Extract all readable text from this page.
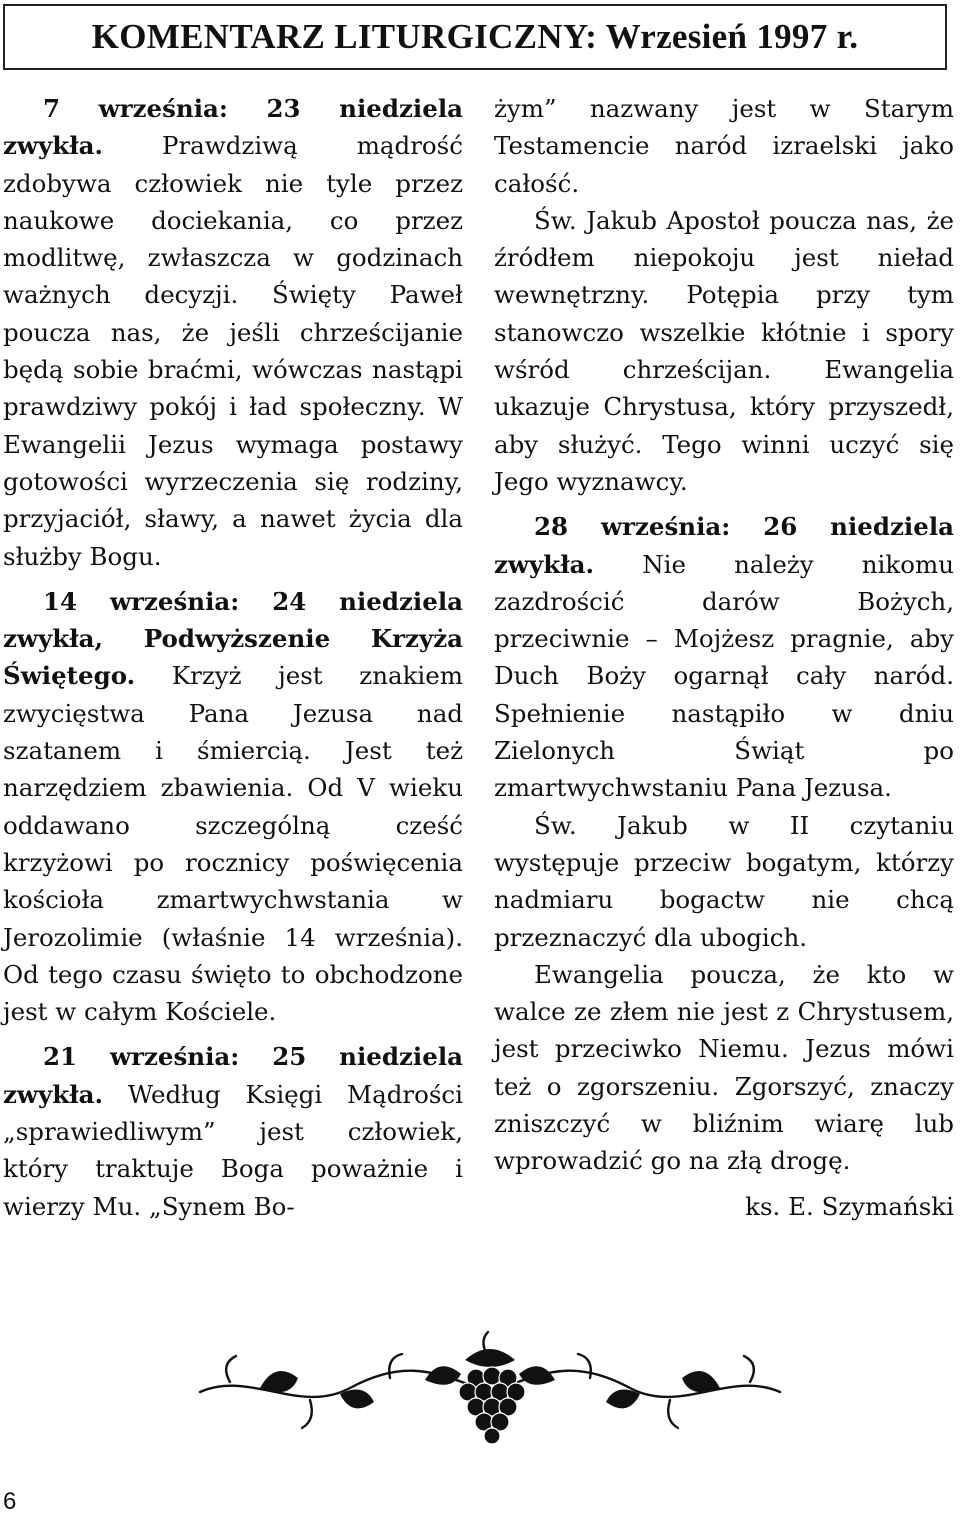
KOMENTARZ LITURGICZNY: Wrzesień 1997 r.

7 września: 23 niedziela zwykła. Prawdziwą mądrość zdobywa człowiek nie tyle przez naukowe dociekania, co przez modlitwę, zwłaszcza w godzinach ważnych decyzji. Święty Paweł poucza nas, że jeśli chrześcijanie będą sobie braćmi, wówczas nastąpi prawdziwy pokój i ład społeczny. W Ewangelii Jezus wymaga postawy gotowości wyrzeczenia się rodziny, przyjaciół, sławy, a nawet życia dla służby Bogu.

14 września: 24 niedziela zwykła, Podwyższenie Krzyża Świętego. Krzyż jest znakiem zwycięstwa Pana Jezusa nad szatanem i śmiercią. Jest też narzędziem zbawienia. Od V wieku oddawano szczególną cześć krzyżowi po rocznicy poświęcenia kościoła zmartwychwstania w Jerozolimie (właśnie 14 września). Od tego czasu święto to obchodzone jest w całym Kościele.

21 września: 25 niedziela zwykła. Według Księgi Mądrości „sprawiedliwym” jest człowiek, który traktuje Boga poważnie i wierzy Mu. „Synem Bo-

żym” nazwany jest w Starym Testamencie naród izraelski jako całość.

Św. Jakub Apostoł poucza nas, że źródłem niepokoju jest nieład wewnętrzny. Potępia przy tym stanowczo wszelkie kłótnie i spory wśród chrześcijan. Ewangelia ukazuje Chrystusa, który przyszedł, aby służyć. Tego winni uczyć się Jego wyznawcy.

28 września: 26 niedziela zwykła. Nie należy nikomu zazdrościć darów Bożych, przeciwnie – Mojżesz pragnie, aby Duch Boży ogarnął cały naród. Spełnienie nastąpiło w dniu Zielonych Świąt po zmartwychwstaniu Pana Jezusa.

Św. Jakub w II czytaniu występuje przeciw bogatym, którzy nadmiaru bogactw nie chcą przeznaczyć dla ubogich.

Ewangelia poucza, że kto w walce ze złem nie jest z Chrystusem, jest przeciwko Niemu. Jezus mówi też o zgorszeniu. Zgorszyć, znaczy zniszczyć w bliźnim wiarę lub wprowadzić go na złą drogę.

ks. E. Szymański

6
